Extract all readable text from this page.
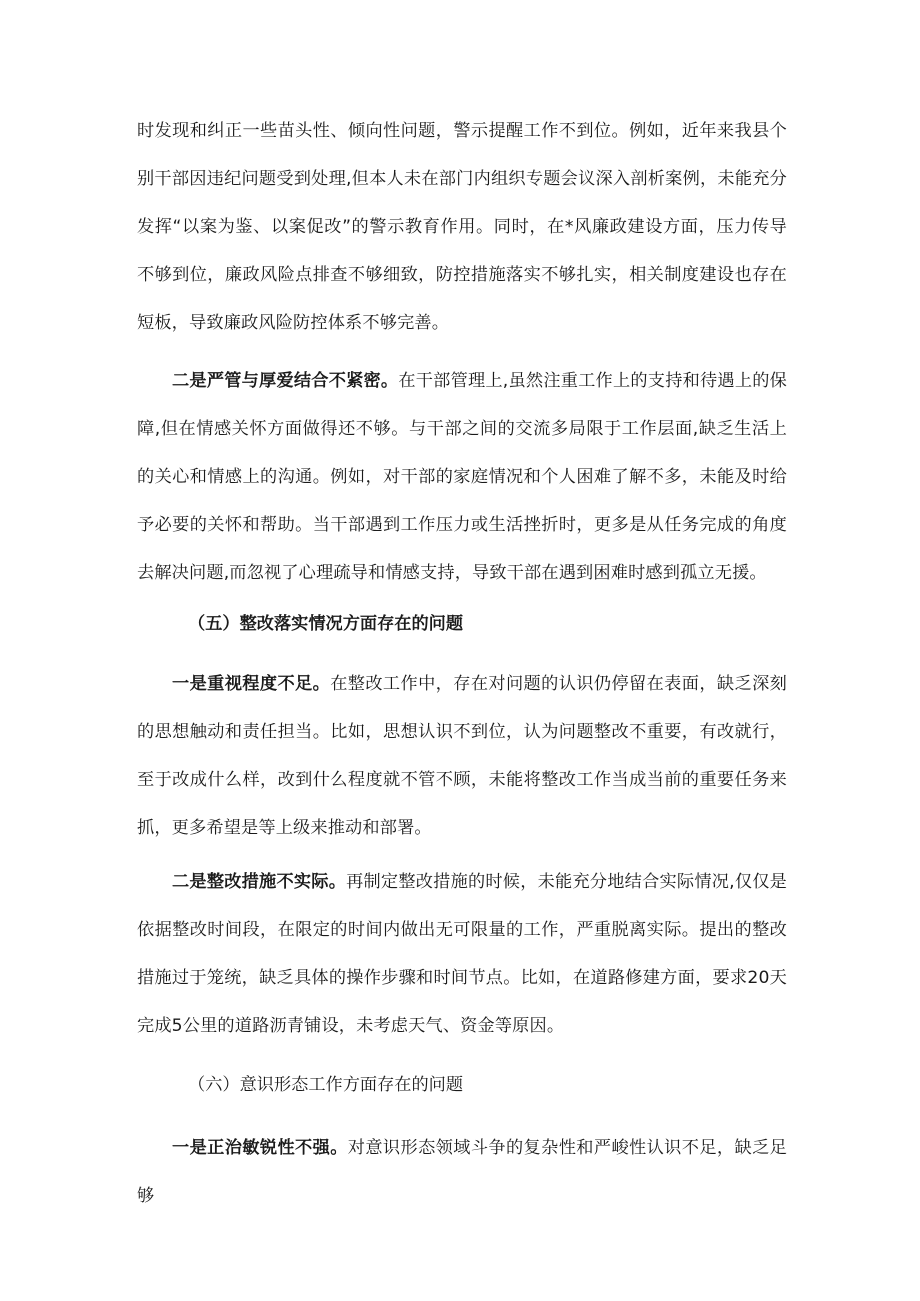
时发现和纠正一些苗头性、倾向性问题，警示提醒工作不到位。例如，近年来我县个别干部因违纪问题受到处理,但本人未在部门内组织专题会议深入剖析案例，未能充分发挥“以案为鉴、以案促改”的警示教育作用。同时，在*风廉政建设方面，压力传导不够到位，廉政风险点排查不够细致，防控措施落实不够扎实，相关制度建设也存在短板，导致廉政风险防控体系不够完善。

二是严管与厚爱结合不紧密。在干部管理上,虽然注重工作上的支持和待遇上的保障,但在情感关怀方面做得还不够。与干部之间的交流多局限于工作层面,缺乏生活上的关心和情感上的沟通。例如，对干部的家庭情况和个人困难了解不多，未能及时给予必要的关怀和帮助。当干部遇到工作压力或生活挫折时，更多是从任务完成的角度去解决问题,而忽视了心理疏导和情感支持，导致干部在遇到困难时感到孤立无援。

（五）整改落实情况方面存在的问题

一是重视程度不足。在整改工作中，存在对问题的认识仍停留在表面，缺乏深刻的思想触动和责任担当。比如，思想认识不到位，认为问题整改不重要，有改就行，至于改成什么样，改到什么程度就不管不顾，未能将整改工作当成当前的重要任务来抓，更多希望是等上级来推动和部署。

二是整改措施不实际。再制定整改措施的时候，未能充分地结合实际情况,仅仅是依据整改时间段，在限定的时间内做出无可限量的工作，严重脱离实际。提出的整改措施过于笼统，缺乏具体的操作步骤和时间节点。比如，在道路修建方面，要求20天完成5公里的道路沥青铺设，未考虑天气、资金等原因。

（六）意识形态工作方面存在的问题

一是正治敏锐性不强。对意识形态领域斗争的复杂性和严峻性认识不足，缺乏足够
